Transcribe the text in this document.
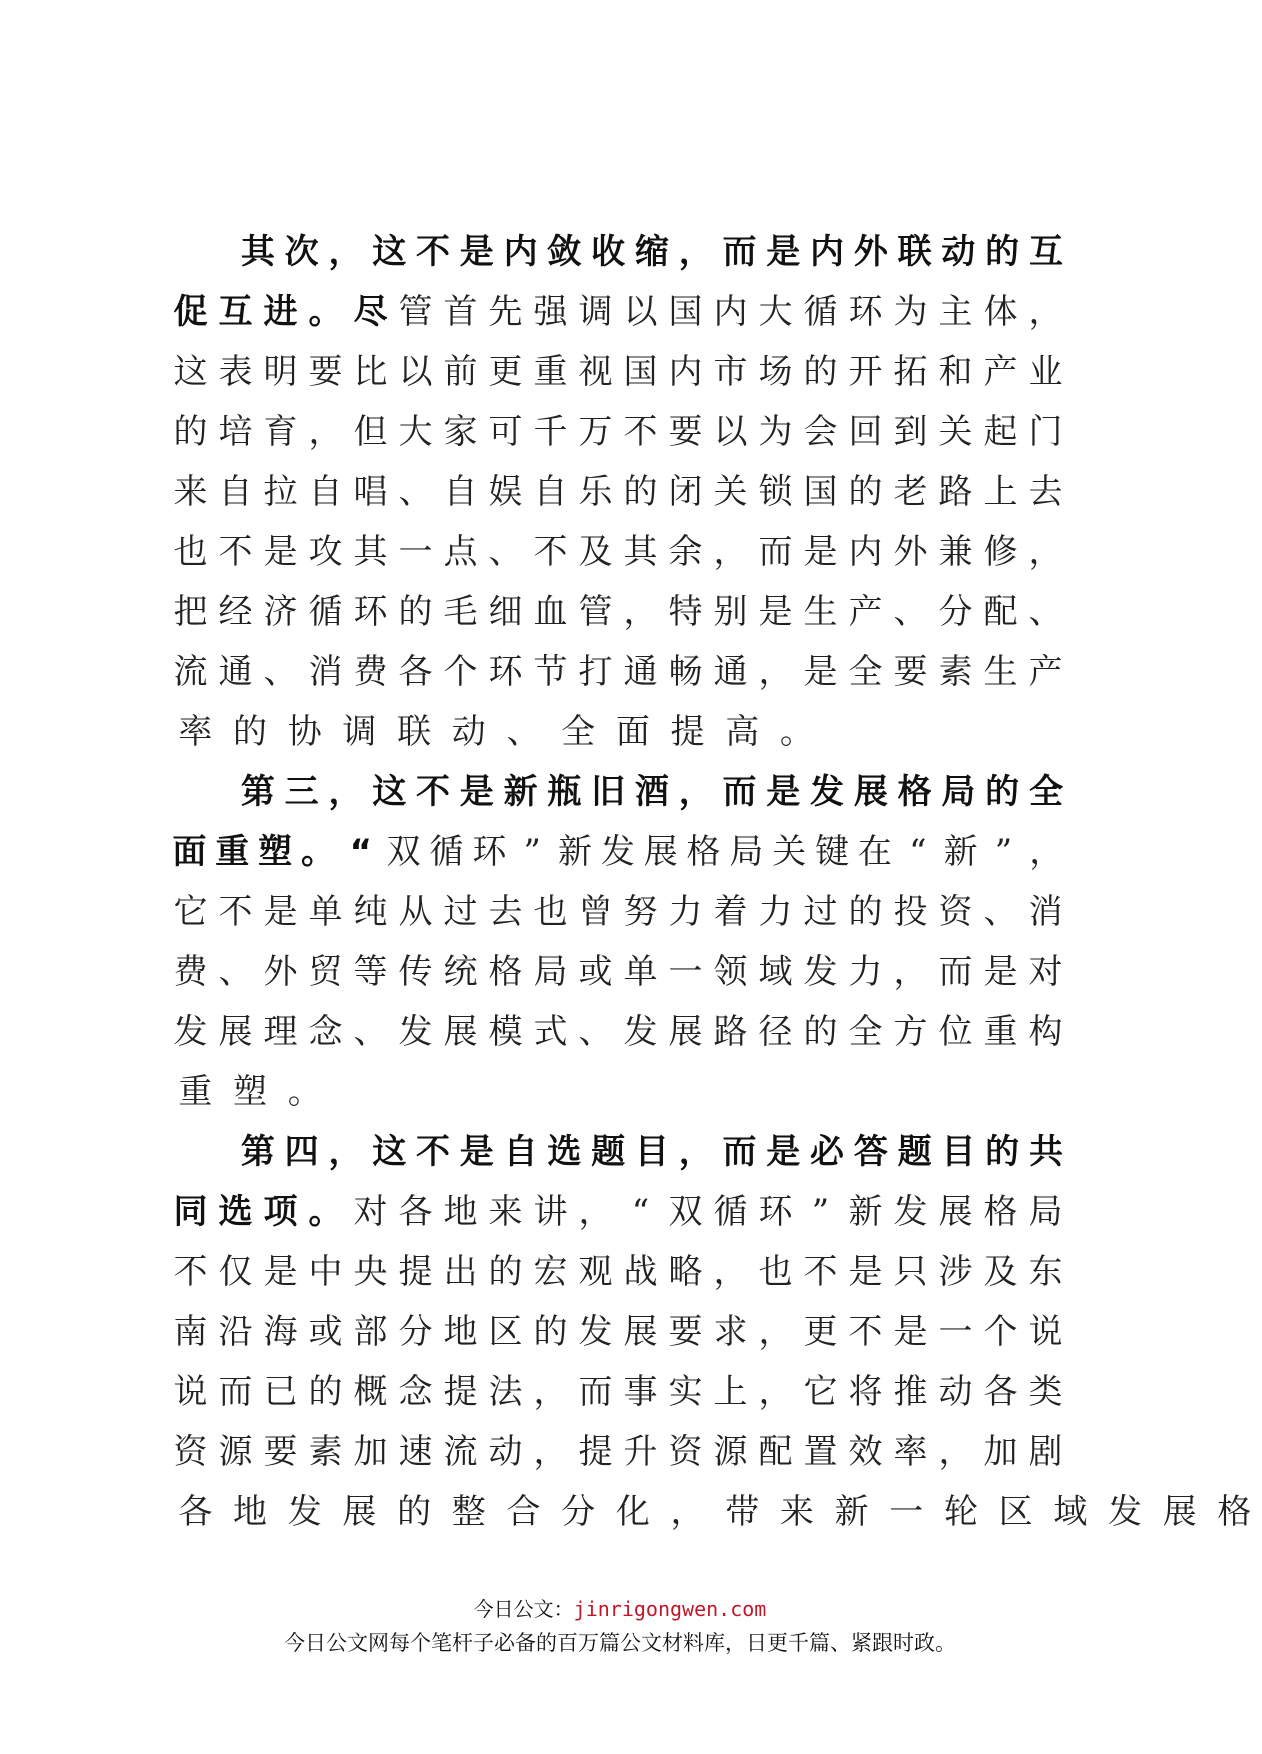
其 次 ， 这 不 是 内 敛 收 缩 ， 而 是 内 外 联 动 的 互
促 互 进 。 尽 管 首 先 强 调 以 国 内 大 循 环 为 主 体 ，
这 表 明 要 比 以 前 更 重 视 国 内 市 场 的 开 拓 和 产 业
的 培 育 ， 但 大 家 可 千 万 不 要 以 为 会 回 到 关 起 门
来 自 拉 自 唱 、 自 娱 自 乐 的 闭 关 锁 国 的 老 路 上 去
也 不 是 攻 其 一 点 、 不 及 其 余 ， 而 是 内 外 兼 修 ，
把 经 济 循 环 的 毛 细 血 管 ， 特 别 是 生 产 、 分 配 、
流 通 、 消 费 各 个 环 节 打 通 畅 通 ， 是 全 要 素 生 产
率 的 协 调 联 动 、 全 面 提 高 。
第 三 ， 这 不 是 新 瓶 旧 酒 ， 而 是 发 展 格 局 的 全
面 重 塑 。 “ 双 循 环 ” 新 发 展 格 局 关 键 在 “ 新 ” ，
它 不 是 单 纯 从 过 去 也 曾 努 力 着 力 过 的 投 资 、 消
费 、 外 贸 等 传 统 格 局 或 单 一 领 域 发 力 ， 而 是 对
发 展 理 念 、 发 展 模 式 、 发 展 路 径 的 全 方 位 重 构
重 塑 。
第 四 ， 这 不 是 自 选 题 目 ， 而 是 必 答 题 目 的 共
同 选 项 。 对 各 地 来 讲 ， “ 双 循 环 ” 新 发 展 格 局
不 仅 是 中 央 提 出 的 宏 观 战 略 ， 也 不 是 只 涉 及 东
南 沿 海 或 部 分 地 区 的 发 展 要 求 ， 更 不 是 一 个 说
说 而 已 的 概 念 提 法 ， 而 事 实 上 ， 它 将 推 动 各 类
资 源 要 素 加 速 流 动 ， 提 升 资 源 配 置 效 率 ， 加 剧
各 地 发 展 的 整 合 分 化 ， 带 来 新 一 轮 区 域 发 展 格
今日公文：jinrigongwen.com
今日公文网每个笔杆子必备的百万篇公文材料库，日更千篇、紧跟时政。
